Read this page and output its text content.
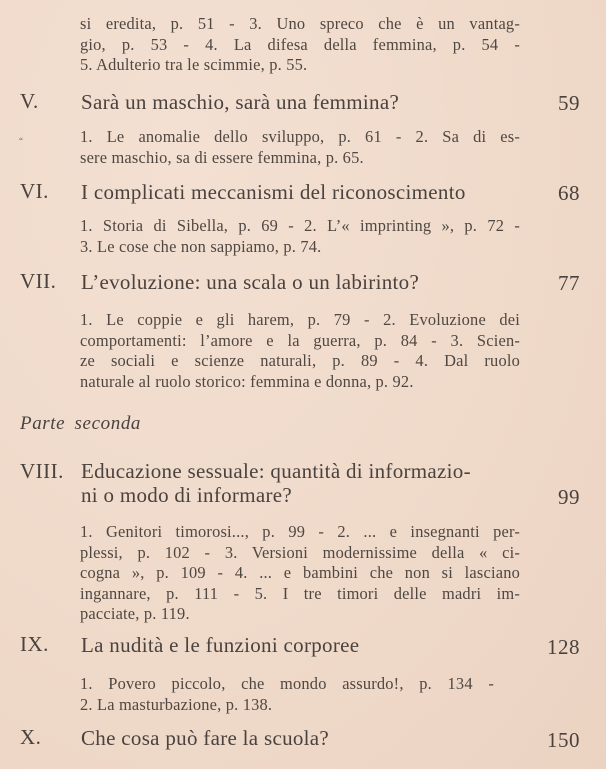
si eredita, p. 51 - 3. Uno spreco che è un vantag-
gio, p. 53 - 4. La difesa della femmina, p. 54 -
5. Adulterio tra le scimmie, p. 55.
V. Sarà un maschio, sarà una femmina?	59
“	1. Le anomalie dello sviluppo, p. 61 - 2. Sa di es-
sere maschio, sa di essere femmina, p. 65.
VI. I complicati meccanismi del riconoscimento	68
1. Storia di Sibella, p. 69 - 2. L’« imprinting », p. 72 -
3. Le cose che non sappiamo, p. 74.
VII. L’evoluzione: una scala o un labirinto?	77
1. Le coppie e gli harem, p. 79 - 2. Evoluzione dei
comportamenti: l’amore e la guerra, p. 84 - 3. Scien-
ze sociali e scienze naturali, p. 89 - 4. Dal ruolo
naturale al ruolo storico: femmina e donna, p. 92.
Parte seconda
VIII. Educazione sessuale: quantità di informazio-
ni o modo di informare?	99
1. Genitori timorosi..., p. 99 - 2. ... e insegnanti per-
plessi, p. 102 - 3. Versioni modernissime della « ci-
cogna », p. 109 - 4. ... e bambini che non si lasciano
ingannare, p. 111 - 5. I tre timori delle madri im-
pacciate, p. 119.
IX. La nudità e le funzioni corporee	128
1. Povero piccolo, che mondo assurdo!, p. 134 -
2. La masturbazione, p. 138.
X. Che cosa può fare la scuola?	150
